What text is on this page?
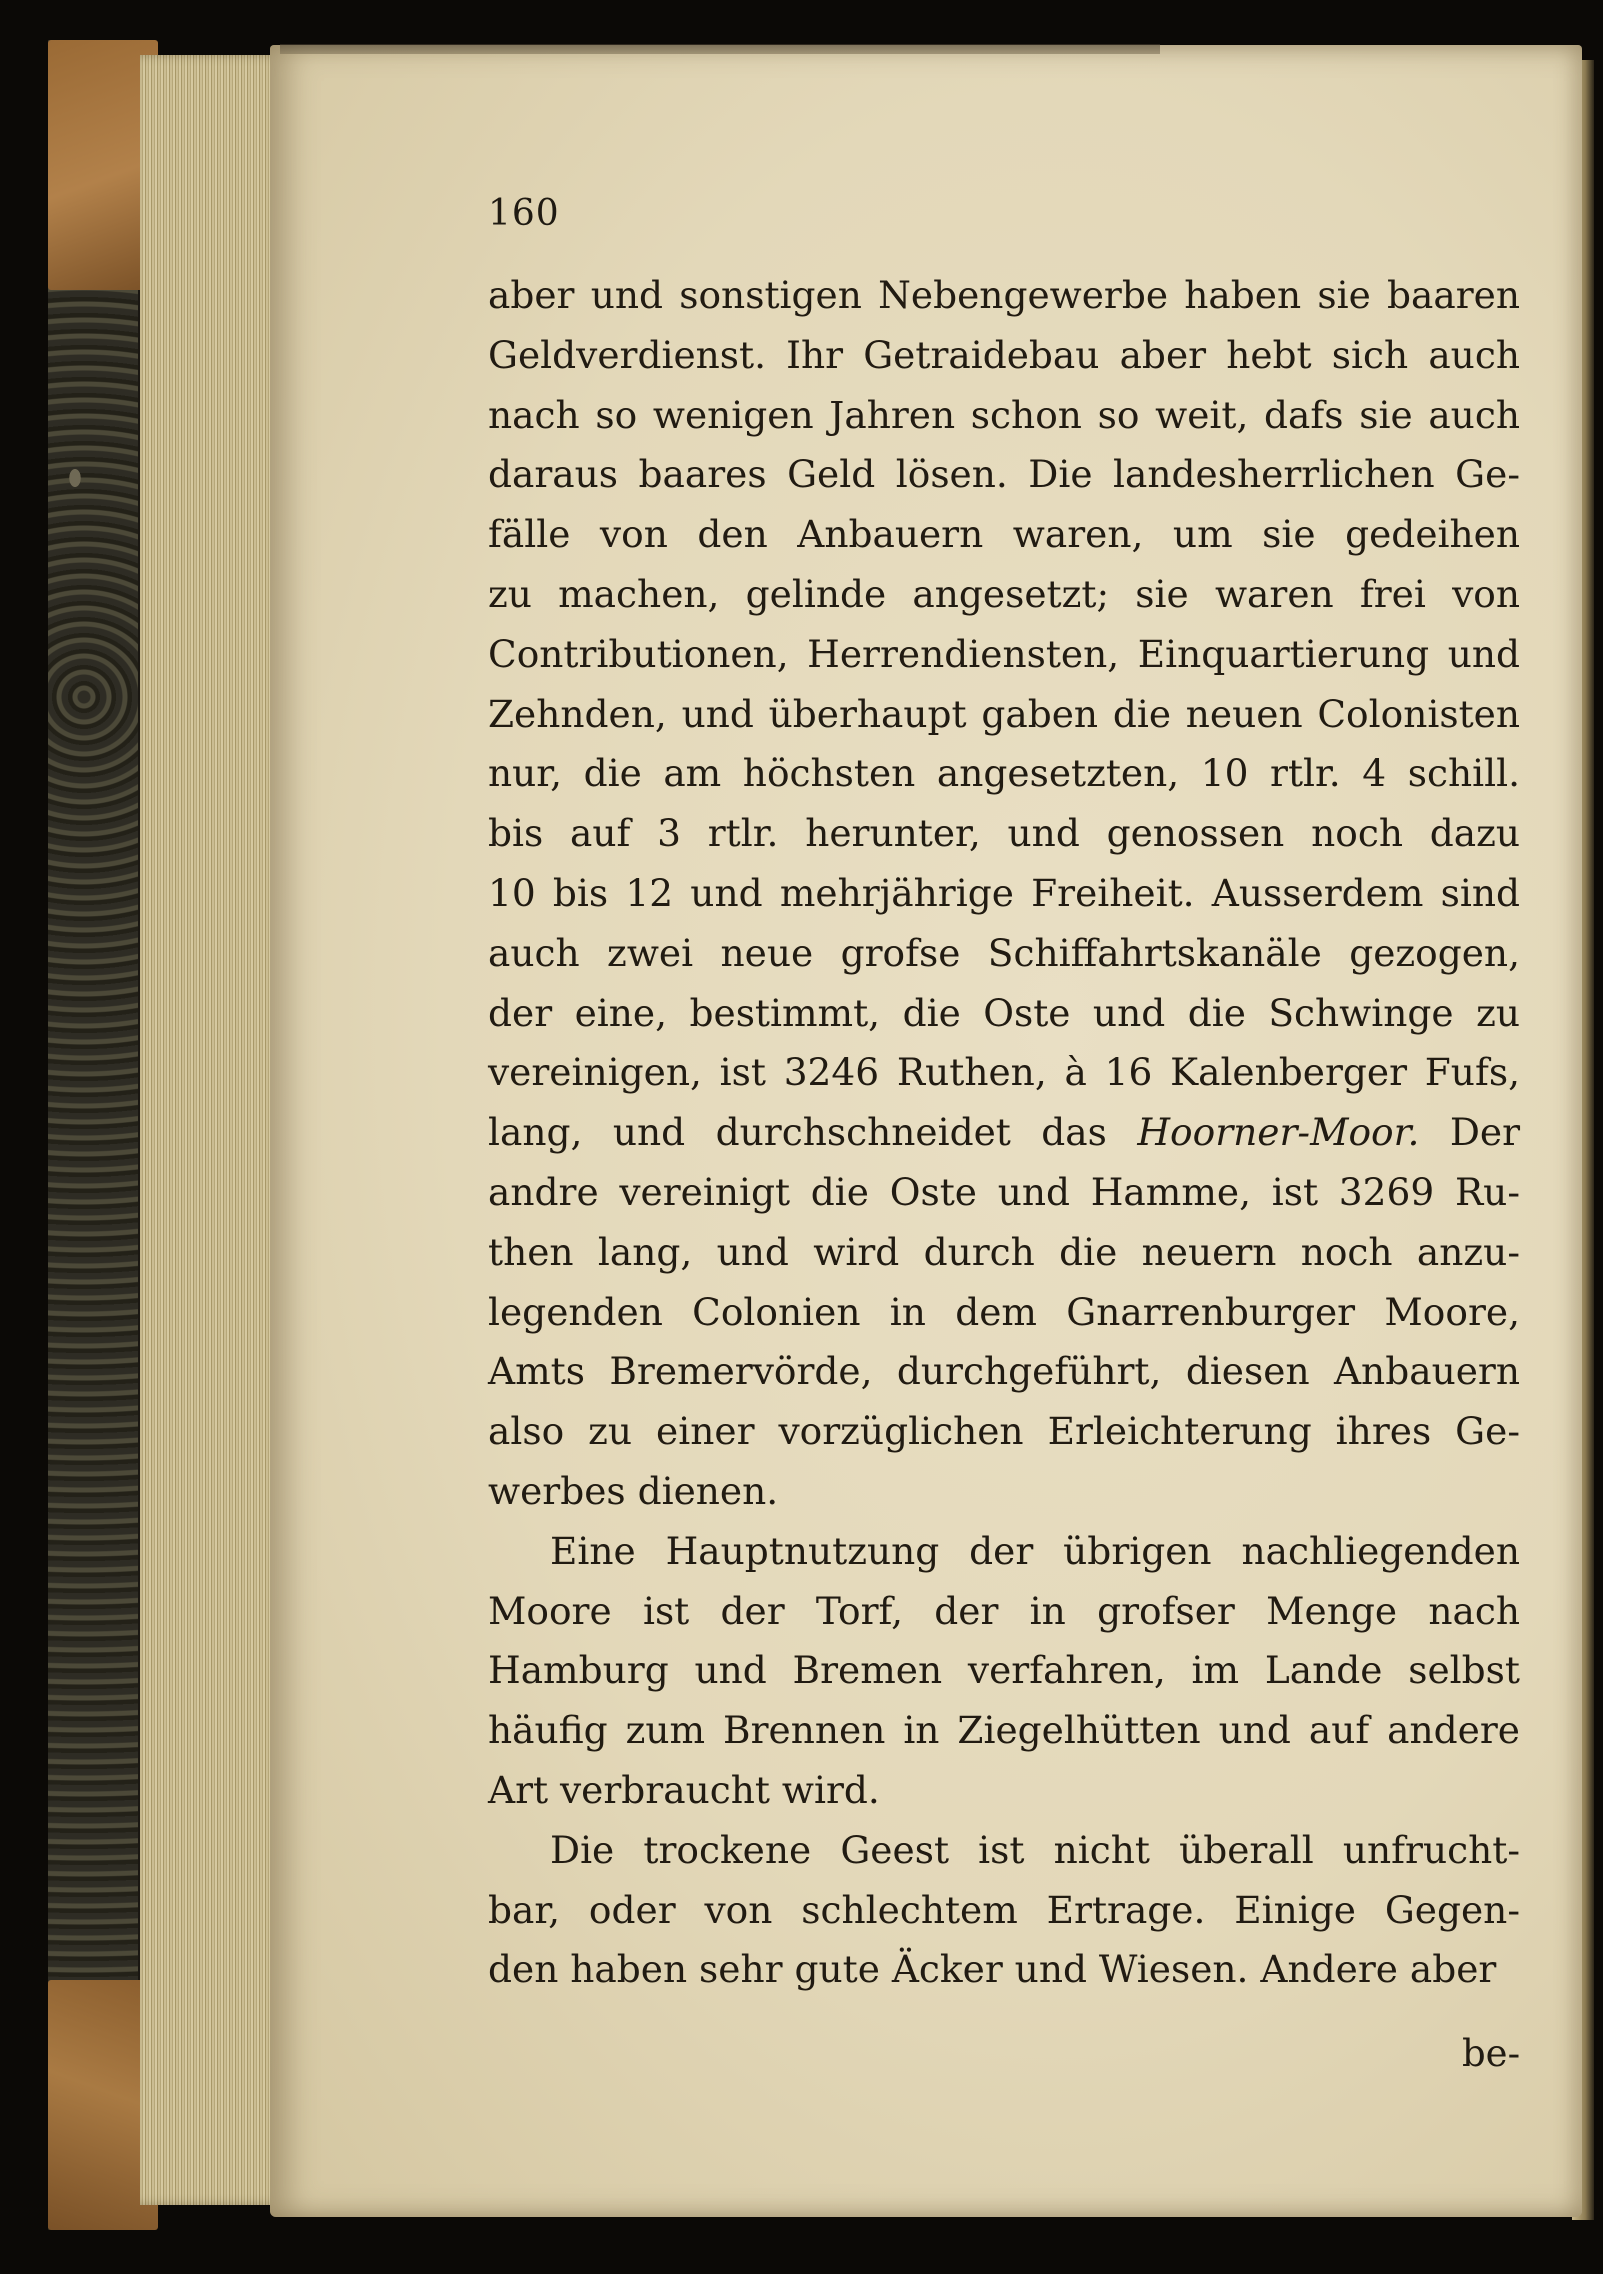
160

aber und sonstigen Nebengewerbe haben sie baaren
Geldverdienst. Ihr Getraidebau aber hebt sich auch
nach so wenigen Jahren schon so weit, dafs sie auch
daraus baares Geld lösen. Die landesherrlichen Ge-
fälle von den Anbauern waren, um sie gedeihen
zu machen, gelinde angesetzt; sie waren frei von
Contributionen, Herrendiensten, Einquartierung und
Zehnden, und überhaupt gaben die neuen Colonisten
nur, die am höchsten angesetzten, 10 rtlr. 4 schill.
bis auf 3 rtlr. herunter, und genossen noch dazu
10 bis 12 und mehrjährige Freiheit. Ausserdem sind
auch zwei neue grofse Schiffahrtskanäle gezogen,
der eine, bestimmt, die Oste und die Schwinge zu
vereinigen, ist 3246 Ruthen, à 16 Kalenberger Fufs,
lang, und durchschneidet das Hoorner-Moor. Der
andre vereinigt die Oste und Hamme, ist 3269 Ru-
then lang, und wird durch die neuern noch anzu-
legenden Colonien in dem Gnarrenburger Moore,
Amts Bremervörde, durchgeführt, diesen Anbauern
also zu einer vorzüglichen Erleichterung ihres Ge-
werbes dienen.

Eine Hauptnutzung der übrigen nachliegenden
Moore ist der Torf, der in grofser Menge nach
Hamburg und Bremen verfahren, im Lande selbst
häufig zum Brennen in Ziegelhütten und auf andere
Art verbraucht wird.

Die trockene Geest ist nicht überall unfrucht-
bar, oder von schlechtem Ertrage. Einige Gegen-
den haben sehr gute Äcker und Wiesen. Andere aber

be-
